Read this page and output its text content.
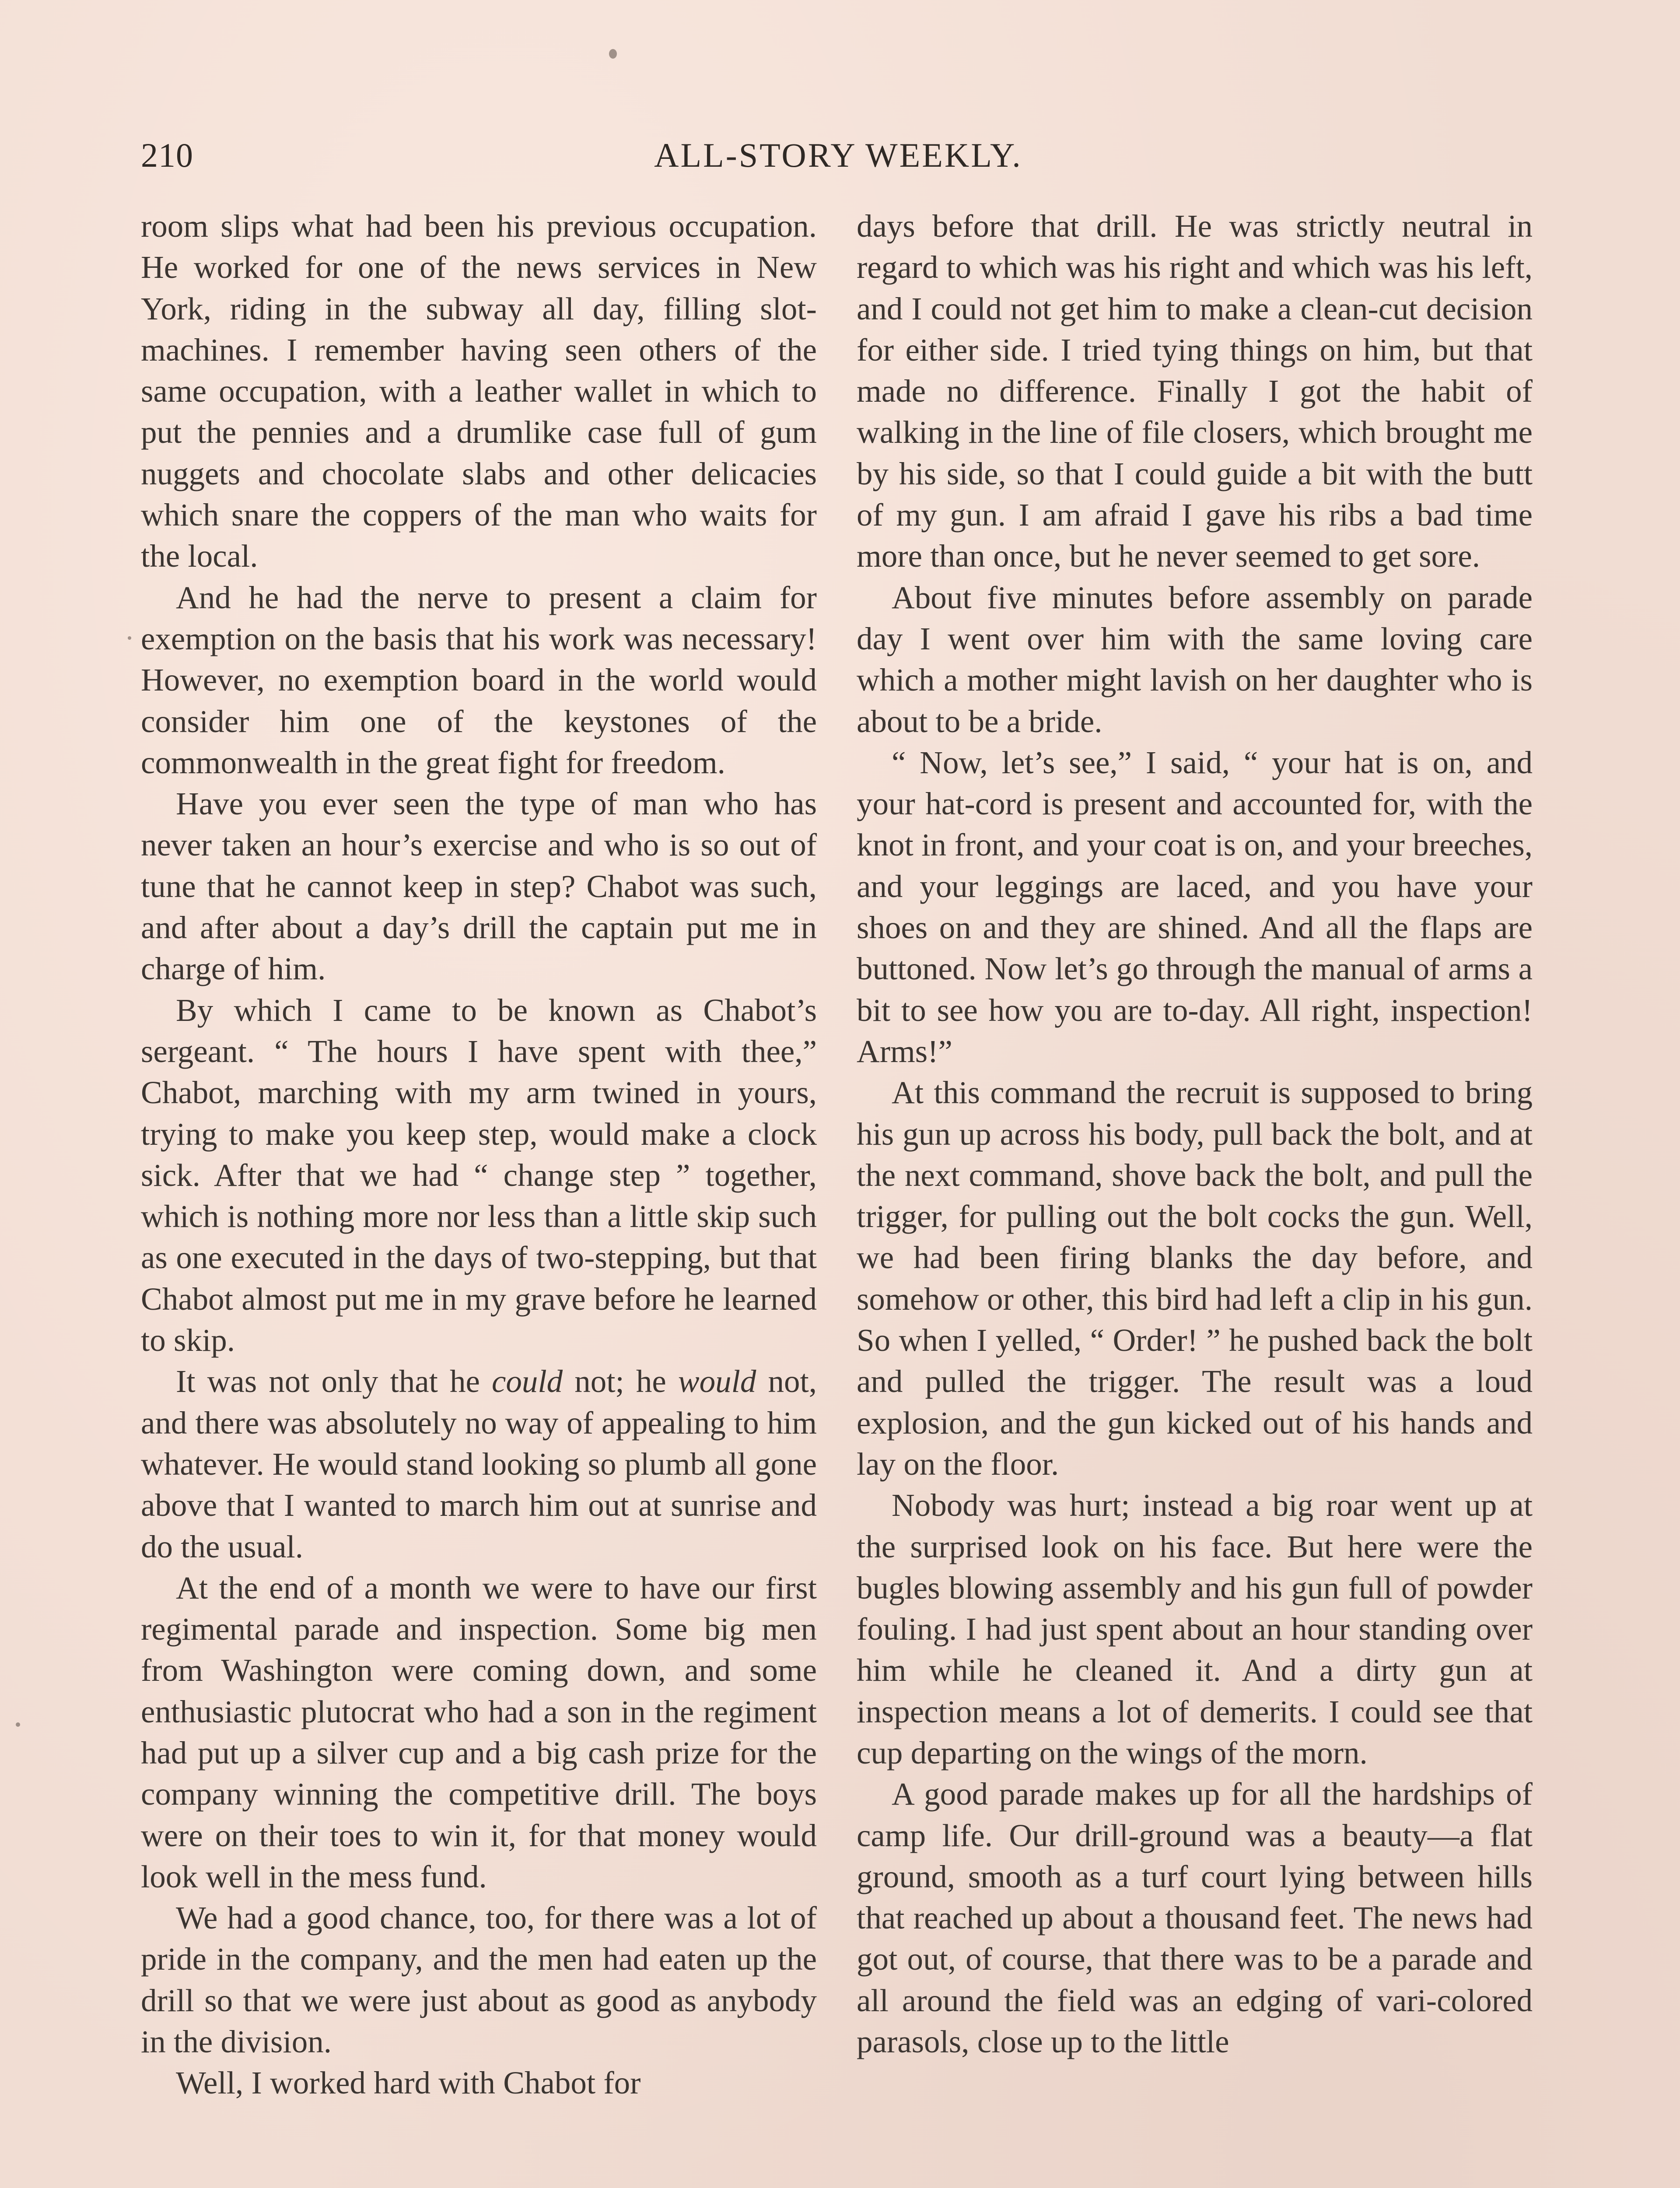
210	ALL-STORY WEEKLY.

room slips what had been his previous occupation. He worked for one of the news services in New York, riding in the subway all day, filling slot-machines. I remember having seen others of the same occupation, with a leather wallet in which to put the pennies and a drumlike case full of gum nuggets and chocolate slabs and other delicacies which snare the coppers of the man who waits for the local.

And he had the nerve to present a claim for exemption on the basis that his work was necessary! However, no exemption board in the world would consider him one of the keystones of the commonwealth in the great fight for freedom.

Have you ever seen the type of man who has never taken an hour’s exercise and who is so out of tune that he cannot keep in step? Chabot was such, and after about a day’s drill the captain put me in charge of him.

By which I came to be known as Chabot’s sergeant. “ The hours I have spent with thee,” Chabot, marching with my arm twined in yours, trying to make you keep step, would make a clock sick. After that we had “ change step ” together, which is nothing more nor less than a little skip such as one executed in the days of two-stepping, but that Chabot almost put me in my grave before he learned to skip.

It was not only that he could not; he would not, and there was absolutely no way of appealing to him whatever. He would stand looking so plumb all gone above that I wanted to march him out at sunrise and do the usual.

At the end of a month we were to have our first regimental parade and inspection. Some big men from Washington were coming down, and some enthusiastic plutocrat who had a son in the regiment had put up a silver cup and a big cash prize for the company winning the competitive drill. The boys were on their toes to win it, for that money would look well in the mess fund.

We had a good chance, too, for there was a lot of pride in the company, and the men had eaten up the drill so that we were just about as good as anybody in the division.

Well, I worked hard with Chabot for

days before that drill. He was strictly neutral in regard to which was his right and which was his left, and I could not get him to make a clean-cut decision for either side. I tried tying things on him, but that made no difference. Finally I got the habit of walking in the line of file closers, which brought me by his side, so that I could guide a bit with the butt of my gun. I am afraid I gave his ribs a bad time more than once, but he never seemed to get sore.

About five minutes before assembly on parade day I went over him with the same loving care which a mother might lavish on her daughter who is about to be a bride.

“ Now, let’s see,” I said, “ your hat is on, and your hat-cord is present and accounted for, with the knot in front, and your coat is on, and your breeches, and your leggings are laced, and you have your shoes on and they are shined. And all the flaps are buttoned. Now let’s go through the manual of arms a bit to see how you are to-day. All right, inspection! Arms!”

At this command the recruit is supposed to bring his gun up across his body, pull back the bolt, and at the next command, shove back the bolt, and pull the trigger, for pulling out the bolt cocks the gun. Well, we had been firing blanks the day before, and somehow or other, this bird had left a clip in his gun. So when I yelled, “ Order! ” he pushed back the bolt and pulled the trigger. The result was a loud explosion, and the gun kicked out of his hands and lay on the floor.

Nobody was hurt; instead a big roar went up at the surprised look on his face. But here were the bugles blowing assembly and his gun full of powder fouling. I had just spent about an hour standing over him while he cleaned it. And a dirty gun at inspection means a lot of demerits. I could see that cup departing on the wings of the morn.

A good parade makes up for all the hardships of camp life. Our drill-ground was a beauty—a flat ground, smooth as a turf court lying between hills that reached up about a thousand feet. The news had got out, of course, that there was to be a parade and all around the field was an edging of vari-colored parasols, close up to the little
